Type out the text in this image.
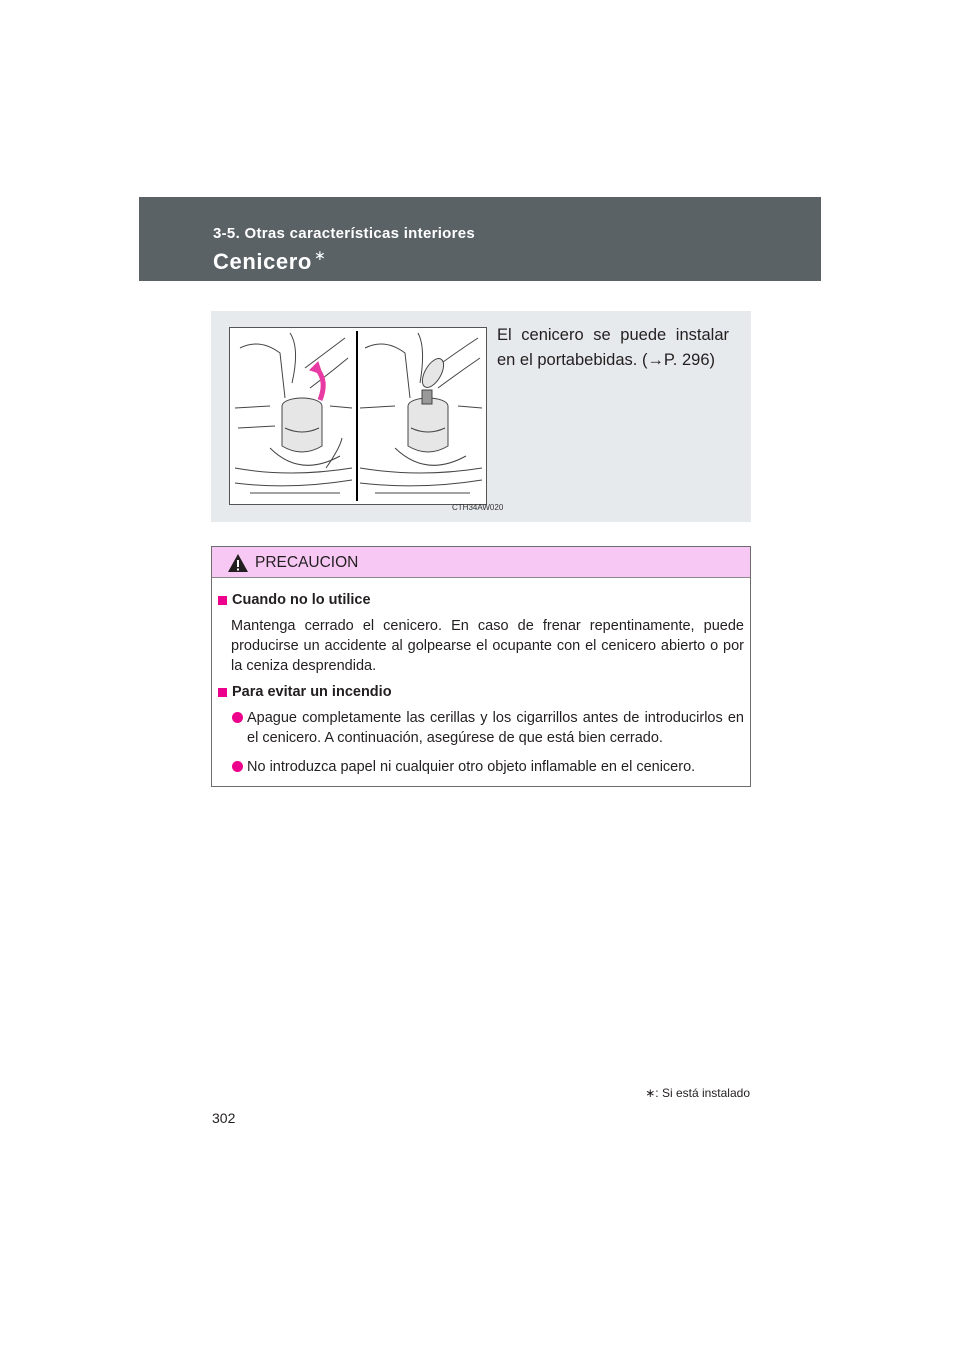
3-5. Otras características interiores
Cenicero ∗
CTH34AW020
El cenicero se puede instalar en el portabebidas. (→P. 296)
PRECAUCION
Cuando no lo utilice
Mantenga cerrado el cenicero. En caso de frenar repentinamente, puede producirse un accidente al golpearse el ocupante con el cenicero abierto o por la ceniza desprendida.
Para evitar un incendio
Apague completamente las cerillas y los cigarrillos antes de introducirlos en el cenicero. A continuación, asegúrese de que está bien cerrado.
No introduzca papel ni cualquier otro objeto inflamable en el cenicero.
∗: Si está instalado
302
